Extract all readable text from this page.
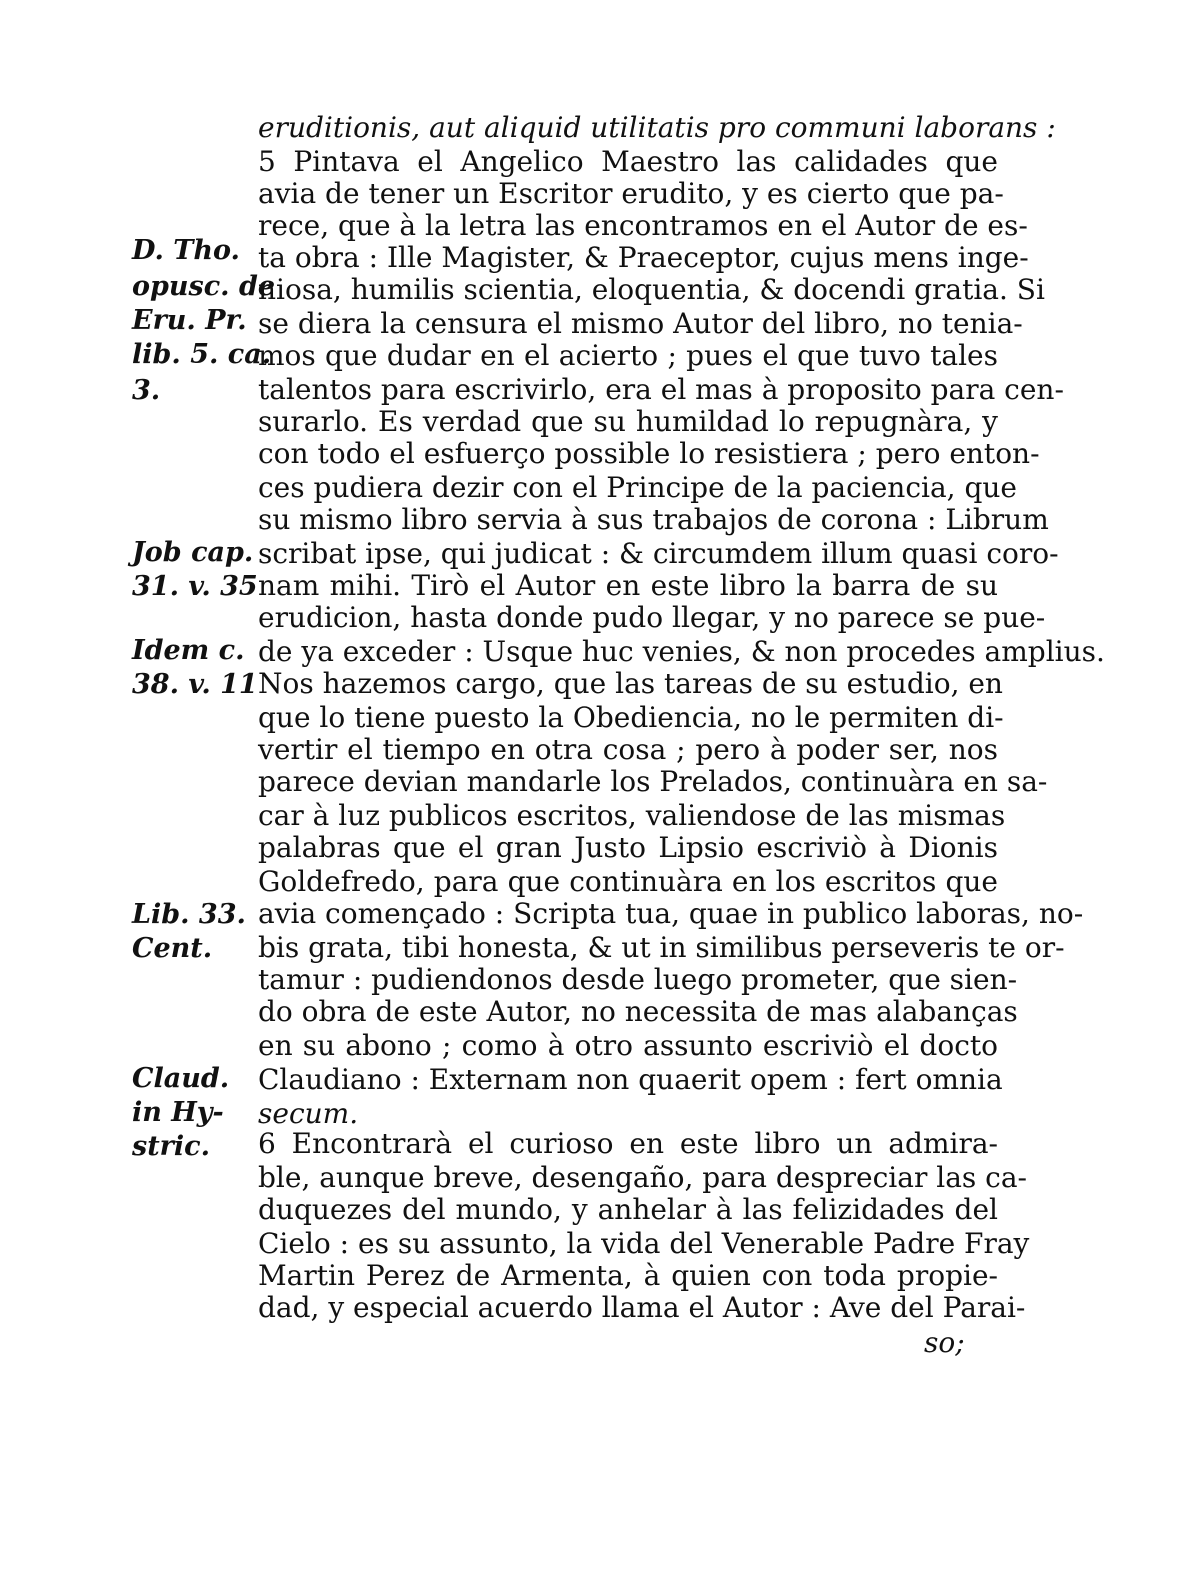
D. Tho.
opusc. de
Eru. Pr.
lib. 5. ca.
3.
Job cap.
31. v. 35
Idem c.
38. v. 11
Lib. 33.
Cent.
Claud.
in Hy-
stric.
eruditionis, aut aliquid utilitatis pro communi laborans :
5 Pintava el Angelico Maestro las calidades que
avia de tener un Escritor erudito, y es cierto que pa-
rece, que à la letra las encontramos en el Autor de es-
ta obra : Ille Magister, & Praeceptor, cujus mens inge-
niosa, humilis scientia, eloquentia, & docendi gratia. Si
se diera la censura el mismo Autor del libro, no tenia-
mos que dudar en el acierto ; pues el que tuvo tales
talentos para escrivirlo, era el mas à proposito para cen-
surarlo. Es verdad que su humildad lo repugnàra, y
con todo el esfuerço possible lo resistiera ; pero enton-
ces pudiera dezir con el Principe de la paciencia, que
su mismo libro servia à sus trabajos de corona : Librum
scribat ipse, qui judicat : & circumdem illum quasi coro-
nam mihi. Tirò el Autor en este libro la barra de su
erudicion, hasta donde pudo llegar, y no parece se pue-
de ya exceder : Usque huc venies, & non procedes amplius.
Nos hazemos cargo, que las tareas de su estudio, en
que lo tiene puesto la Obediencia, no le permiten di-
vertir el tiempo en otra cosa ; pero à poder ser, nos
parece devian mandarle los Prelados, continuàra en sa-
car à luz publicos escritos, valiendose de las mismas
palabras que el gran Justo Lipsio escriviò à Dionis
Goldefredo, para que continuàra en los escritos que
avia començado : Scripta tua, quae in publico laboras, no-
bis grata, tibi honesta, & ut in similibus perseveris te or-
tamur : pudiendonos desde luego prometer, que sien-
do obra de este Autor, no necessita de mas alabanças
en su abono ; como à otro assunto escriviò el docto
Claudiano : Externam non quaerit opem : fert omnia
secum.
6 Encontrarà el curioso en este libro un admira-
ble, aunque breve, desengaño, para despreciar las ca-
duquezes del mundo, y anhelar à las felizidades del
Cielo : es su assunto, la vida del Venerable Padre Fray
Martin Perez de Armenta, à quien con toda propie-
dad, y especial acuerdo llama el Autor : Ave del Parai-
so;
